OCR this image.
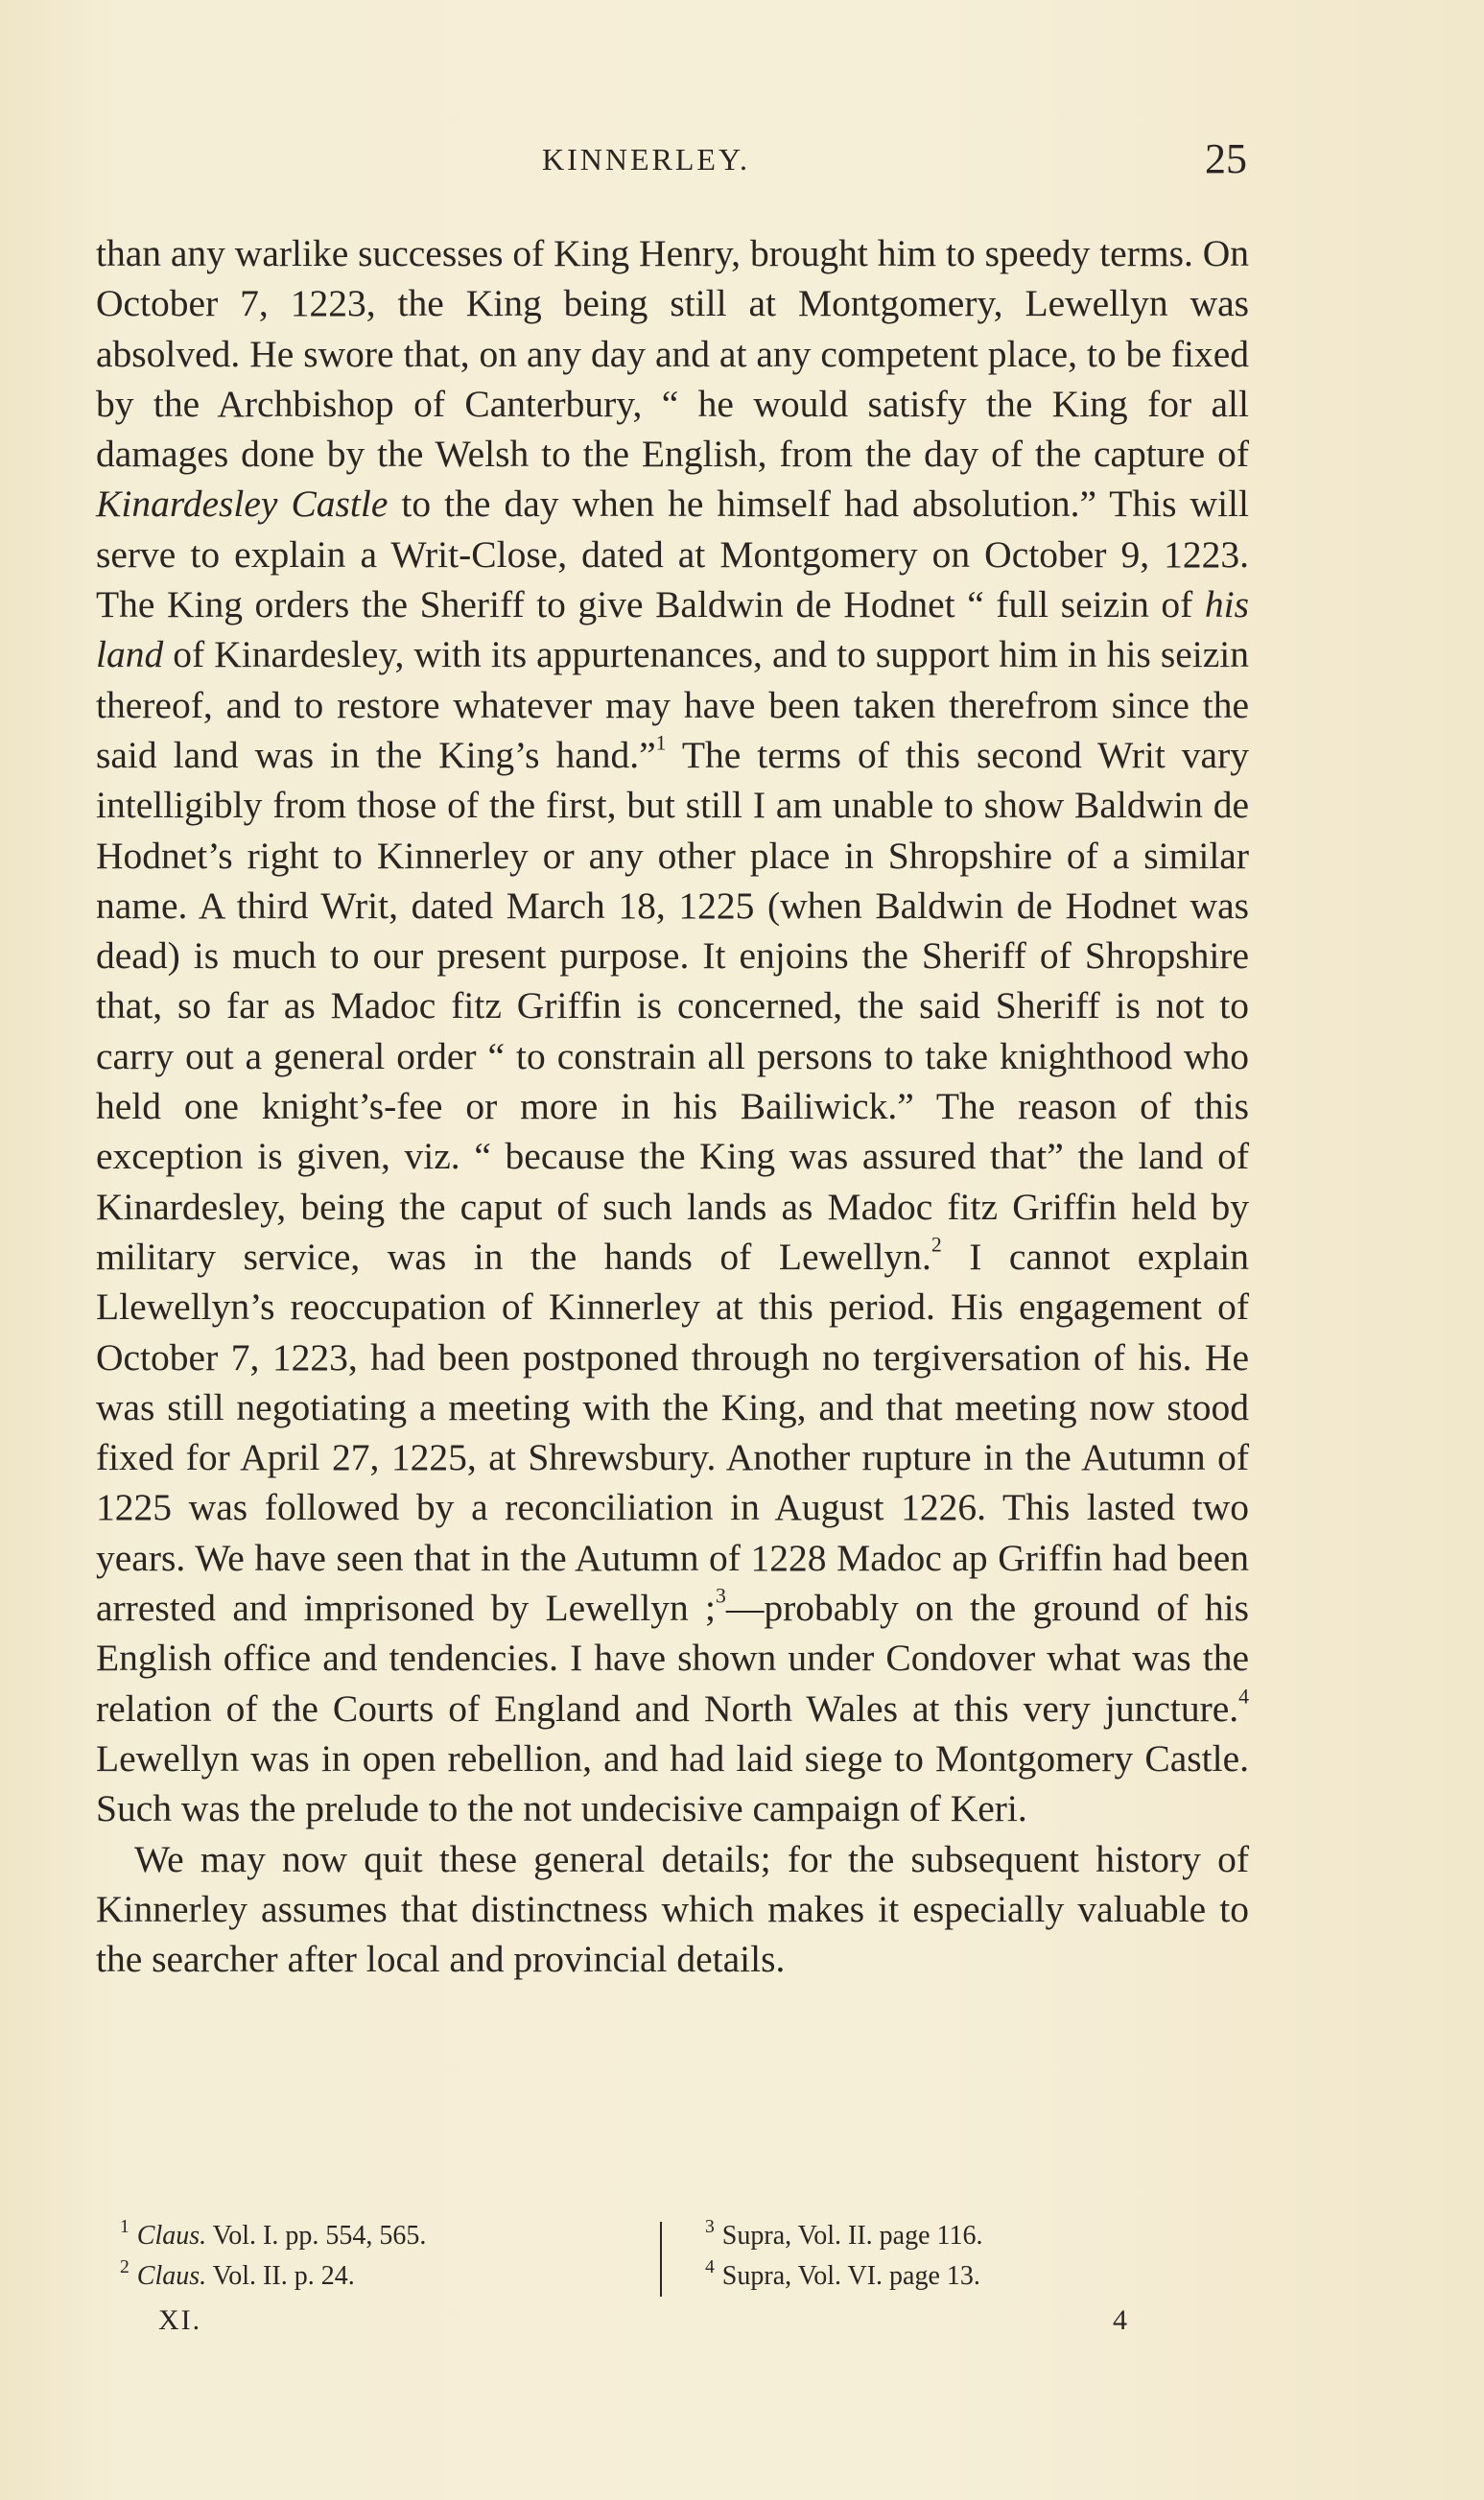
KINNERLEY.	25

than any warlike successes of King Henry, brought him to speedy terms. On October 7, 1223, the King being still at Montgomery, Lewellyn was absolved. He swore that, on any day and at any competent place, to be fixed by the Archbishop of Canterbury, “ he would satisfy the King for all damages done by the Welsh to the English, from the day of the capture of Kinardesley Castle to the day when he himself had absolution.” This will serve to explain a Writ-Close, dated at Montgomery on October 9, 1223. The King orders the Sheriff to give Baldwin de Hodnet “ full seizin of his land of Kinardesley, with its appurtenances, and to support him in his seizin thereof, and to restore whatever may have been taken therefrom since the said land was in the King’s hand.”$^1$ The terms of this second Writ vary intelligibly from those of the first, but still I am unable to show Baldwin de Hodnet’s right to Kinnerley or any other place in Shropshire of a similar name. A third Writ, dated March 18, 1225 (when Baldwin de Hodnet was dead) is much to our present purpose. It enjoins the Sheriff of Shropshire that, so far as Madoc fitz Griffin is concerned, the said Sheriff is not to carry out a general order “ to constrain all persons to take knighthood who held one knight’s-fee or more in his Bailiwick.” The reason of this exception is given, viz. “ because the King was assured that” the land of Kinardesley, being the caput of such lands as Madoc fitz Griffin held by military service, was in the hands of Lewellyn.$^2$ I cannot explain Llewellyn’s reoccupation of Kinnerley at this period. His engagement of October 7, 1223, had been postponed through no tergiversation of his. He was still negotiating a meeting with the King, and that meeting now stood fixed for April 27, 1225, at Shrewsbury. Another rupture in the Autumn of 1225 was followed by a reconciliation in August 1226. This lasted two years. We have seen that in the Autumn of 1228 Madoc ap Griffin had been arrested and imprisoned by Lewellyn ;$^3$—probably on the ground of his English office and tendencies. I have shown under Condover what was the relation of the Courts of England and North Wales at this very juncture.$^4$ Lewellyn was in open rebellion, and had laid siege to Montgomery Castle. Such was the prelude to the not undecisive campaign of Keri.

We may now quit these general details; for the subsequent history of Kinnerley assumes that distinctness which makes it especially valuable to the searcher after local and provincial details.

$^1$ Claus. Vol. I. pp. 554, 565.
$^2$ Claus. Vol. II. p. 24.
$^3$ Supra, Vol. II. page 116.
$^4$ Supra, Vol. VI. page 13.
XI.	4
